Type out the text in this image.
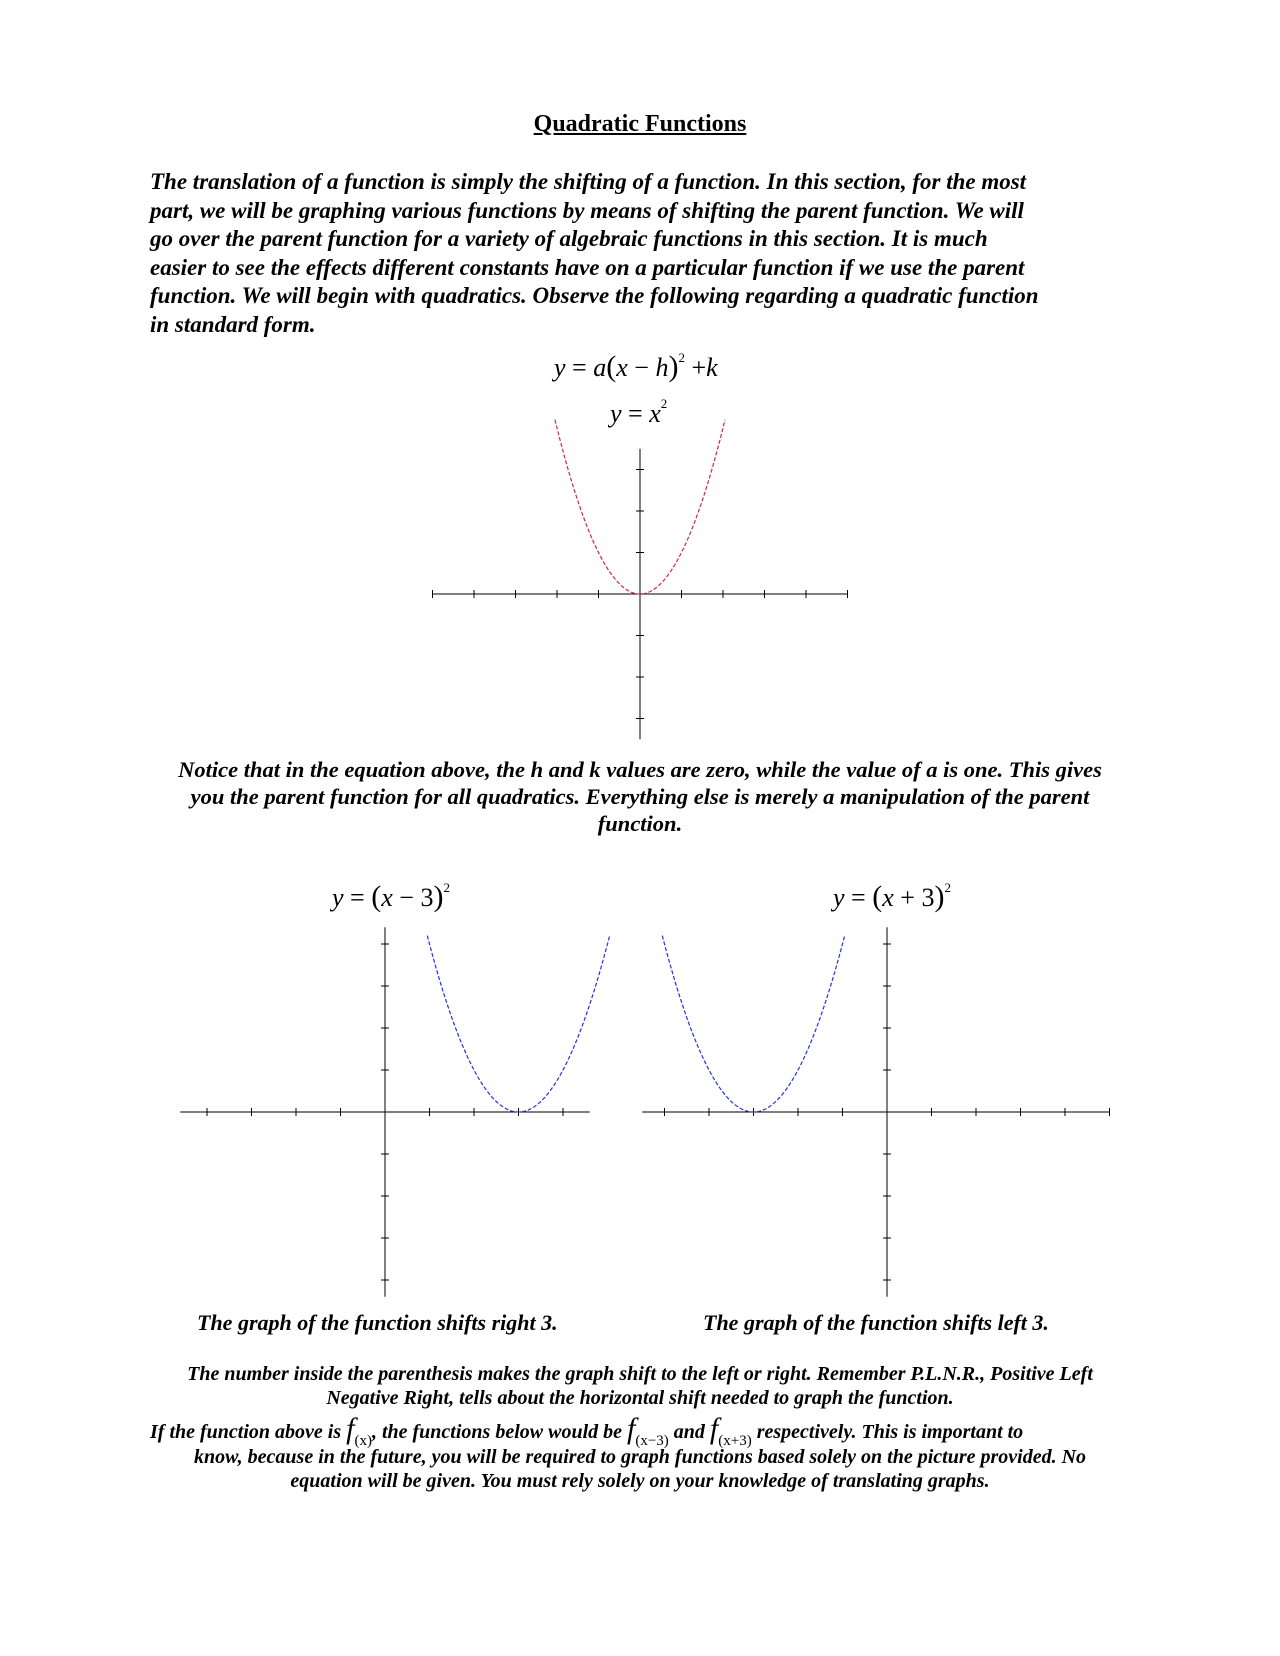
Quadratic Functions
The translation of a function is simply the shifting of a function. In this section, for the most
part, we will be graphing various functions by means of shifting the parent function. We will
go over the parent function for a variety of algebraic functions in this section. It is much
easier to see the effects different constants have on a particular function if we use the parent
function. We will begin with quadratics. Observe the following regarding a quadratic function
in standard form.
$y = a(x - h)^2 +k$
$y = x^2$
Notice that in the equation above, the h and k values are zero, while the value of a is one. This gives
you the parent function for all quadratics. Everything else is merely a manipulation of the parent
function.
$y = (x - 3)^2$	$y = (x + 3)^2$
The graph of the function shifts right 3.	The graph of the function shifts left 3.
The number inside the parenthesis makes the graph shift to the left or right. Remember P.L.N.R., Positive Left
Negative Right, tells about the horizontal shift needed to graph the function.
If the function above is $f_{(x)}$, the functions below would be $f_{(x-3)}$ and $f_{(x+3)}$ respectively. This is important to
know, because in the future, you will be required to graph functions based solely on the picture provided. No
equation will be given. You must rely solely on your knowledge of translating graphs.
